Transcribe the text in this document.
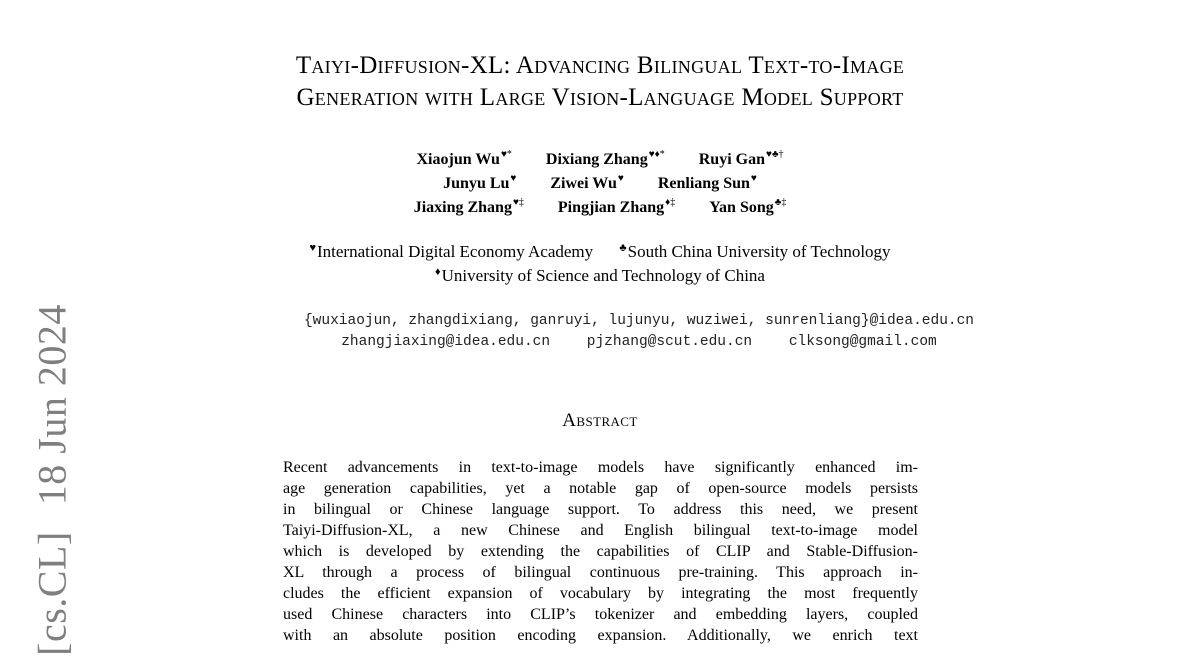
[cs.CL]18 Jun 2024
Taiyi-Diffusion-XL: Advancing Bilingual Text-to-Image
Generation with Large Vision-Language Model Support
Xiaojun Wu♥* Dixiang Zhang♥♦* Ruyi Gan♥♣†
Junyu Lu♥ Ziwei Wu♥ Renliang Sun♥
Jiaxing Zhang♥‡ Pingjian Zhang♦‡ Yan Song♣‡
♥International Digital Economy Academy ♣South China University of Technology
♦University of Science and Technology of China
{wuxiaojun, zhangdixiang, ganruyi, lujunyu, wuziwei, sunrenliang}@idea.edu.cn
zhangjiaxing@idea.edu.cn	pjzhang@scut.edu.cn	clksong@gmail.com
Abstract
Recent advancements in text-to-image models have significantly enhanced im-
age generation capabilities, yet a notable gap of open-source models persists
in bilingual or Chinese language support. To address this need, we present
Taiyi-Diffusion-XL, a new Chinese and English bilingual text-to-image model
which is developed by extending the capabilities of CLIP and Stable-Diffusion-
XL through a process of bilingual continuous pre-training. This approach in-
cludes the efficient expansion of vocabulary by integrating the most frequently
used Chinese characters into CLIP’s tokenizer and embedding layers, coupled
with an absolute position encoding expansion. Additionally, we enrich text
